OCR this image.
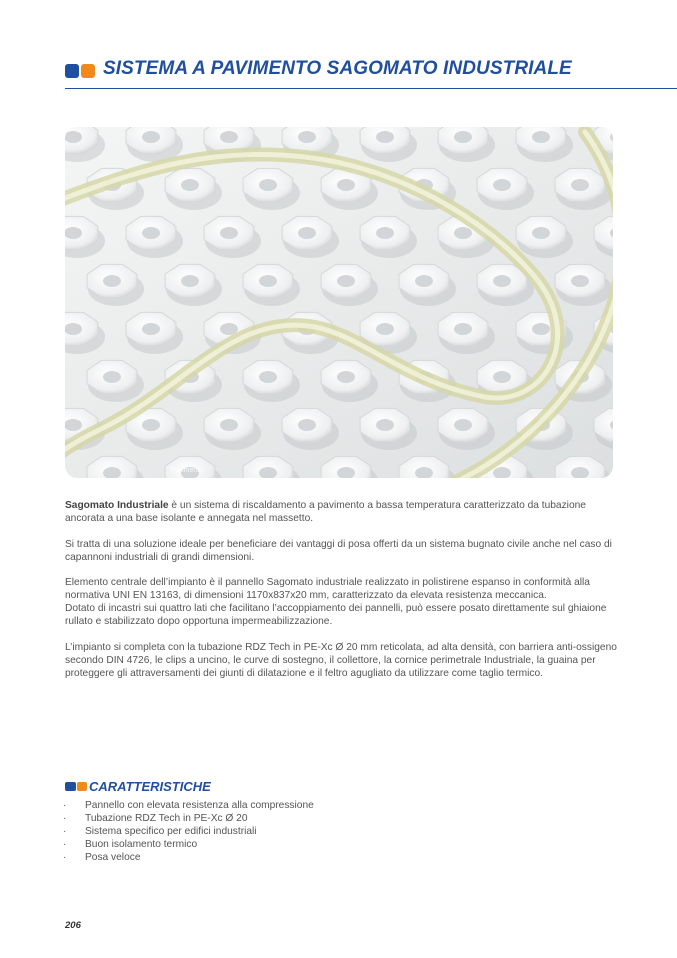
SISTEMA A PAVIMENTO SAGOMATO INDUSTRIALE
Pavimento

Sagomato Industriale è un sistema di riscaldamento a pavimento a bassa temperatura caratterizzato da tubazione ancorata a una base isolante e annegata nel massetto.

Si tratta di una soluzione ideale per beneficiare dei vantaggi di posa offerti da un sistema bugnato civile anche nel caso di capannoni industriali di grandi dimensioni.

Elemento centrale dell’impianto è il pannello Sagomato industriale realizzato in polistirene espanso in conformità alla normativa UNI EN 13163, di dimensioni 1170x837x20 mm, caratterizzato da elevata resistenza meccanica.

Dotato di incastri sui quattro lati che facilitano l’accoppiamento dei pannelli, può essere posato direttamente sul ghiaione rullato e stabilizzato dopo opportuna impermeabilizzazione.

L’impianto si completa con la tubazione RDZ Tech in PE-Xc Ø 20 mm reticolata, ad alta densità, con barriera anti-ossigeno secondo DIN 4726, le clips a uncino, le curve di sostegno, il collettore, la cornice perimetrale Industriale, la guaina per proteggere gli attraversamenti dei giunti di dilatazione e il feltro agugliato da utilizzare come taglio termico.

CARATTERISTICHE
· Pannello con elevata resistenza alla compressione
· Tubazione RDZ Tech in PE-Xc Ø 20
· Sistema specifico per edifici industriali
· Buon isolamento termico
· Posa veloce
206
